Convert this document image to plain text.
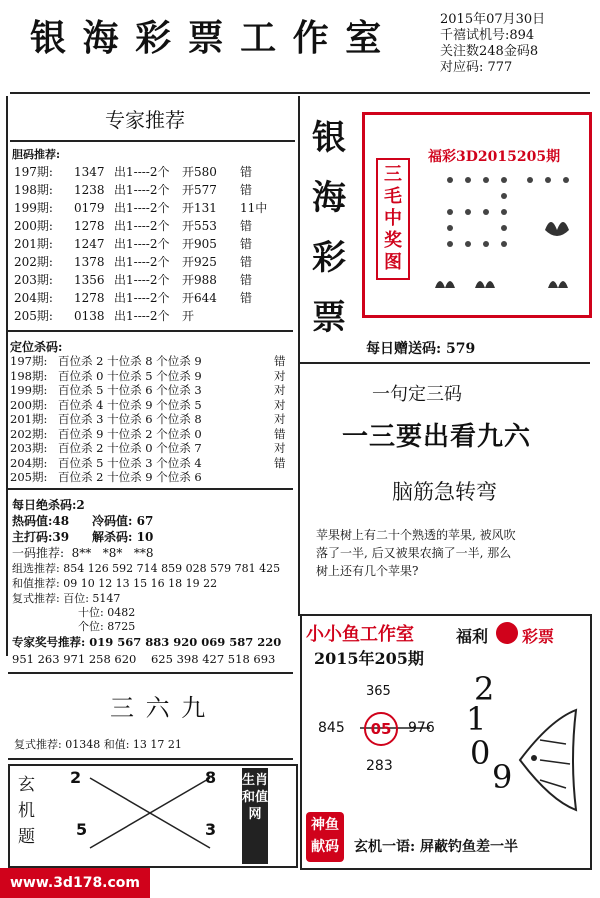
银 海 彩 票 工 作 室	2015年07月30日
千禧试机号:894
关注数248金码8
对应码: 777
专家推荐
胆码推荐:
197期: 1347 出1----2个 开580 错
198期: 1238 出1----2个 开577 错
199期: 0179 出1----2个 开131 11中
200期: 1278 出1----2个 开553 错
201期: 1247 出1----2个 开905 错
202期: 1378 出1----2个 开925 错
203期: 1356 出1----2个 开988 错
204期: 1278 出1----2个 开644 错
205期: 0138 出1----2个 开
定位杀码:
197期: 百位杀 2 十位杀 8 个位杀 9	错
198期: 百位杀 0 十位杀 5 个位杀 9	对
199期: 百位杀 5 十位杀 6 个位杀 3	对
200期: 百位杀 4 十位杀 9 个位杀 5	对
201期: 百位杀 3 十位杀 6 个位杀 8	对
202期: 百位杀 9 十位杀 2 个位杀 0	错
203期: 百位杀 2 十位杀 0 个位杀 7	对
204期: 百位杀 5 十位杀 3 个位杀 4	错
205期: 百位杀 2 十位杀 9 个位杀 6
每日绝杀码:2
热码值:48 冷码值: 67
主打码:39 解杀码: 10
一码推荐:  8**   *8*   **8
组选推荐: 854 126 592 714 859 028 579 781 425
和值推荐: 09 10 12 13 15 16 18 19 22
复式推荐: 百位: 5147
十位: 0482
个位: 8725
专家奖号推荐: 019 567 883 920 069 587 220
951 263 971 258 620    625 398 427 518 693
三 六 九
复式推荐: 01348 和值: 13 17 21
玄机题
2	8
5	3
生肖和值网
银海彩票
福彩3D2015205期
三毛中奖图
每日赠送码: 579
一句定三码
一三要出看九六
脑筋急转弯
苹果树上有二十个熟透的苹果, 被风吹
落了一半, 后又被果农摘了一半, 那么
树上还有几个苹果?
小小鱼工作室	福利 彩票
2015年205期
365
845	05	976
283
2
1
0
9
神鱼献码	玄机一语: 屏蔽钓鱼差一半
www.3d178.com
